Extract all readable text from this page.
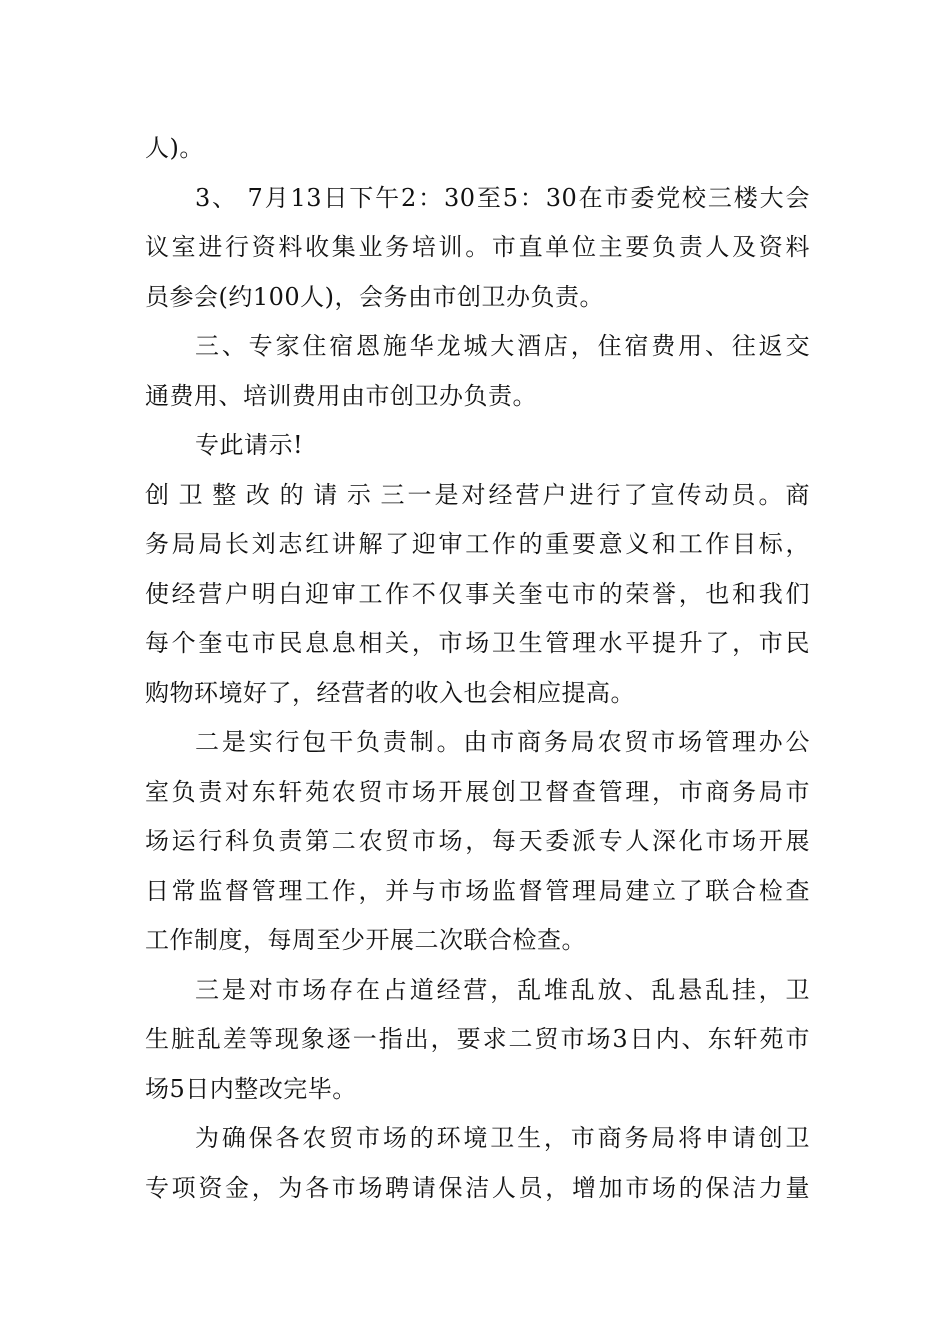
人)。
3、 7月13日下午2：30至5：30在市委党校三楼大会
议室进行资料收集业务培训。市直单位主要负责人及资料
员参会(约100人)，会务由市创卫办负责。
三、专家住宿恩施华龙城大酒店，住宿费用、往返交
通费用、培训费用由市创卫办负责。
专此请示!
创卫整改的请示三一是对经营户进行了宣传动员。商
务局局长刘志红讲解了迎审工作的重要意义和工作目标，
使经营户明白迎审工作不仅事关奎屯市的荣誉，也和我们
每个奎屯市民息息相关，市场卫生管理水平提升了，市民
购物环境好了，经营者的收入也会相应提高。
二是实行包干负责制。由市商务局农贸市场管理办公
室负责对东轩苑农贸市场开展创卫督查管理，市商务局市
场运行科负责第二农贸市场，每天委派专人深化市场开展
日常监督管理工作，并与市场监督管理局建立了联合检查
工作制度，每周至少开展二次联合检查。
三是对市场存在占道经营，乱堆乱放、乱悬乱挂，卫
生脏乱差等现象逐一指出，要求二贸市场3日内、东轩苑市
场5日内整改完毕。
为确保各农贸市场的环境卫生，市商务局将申请创卫
专项资金，为各市场聘请保洁人员，增加市场的保洁力量
